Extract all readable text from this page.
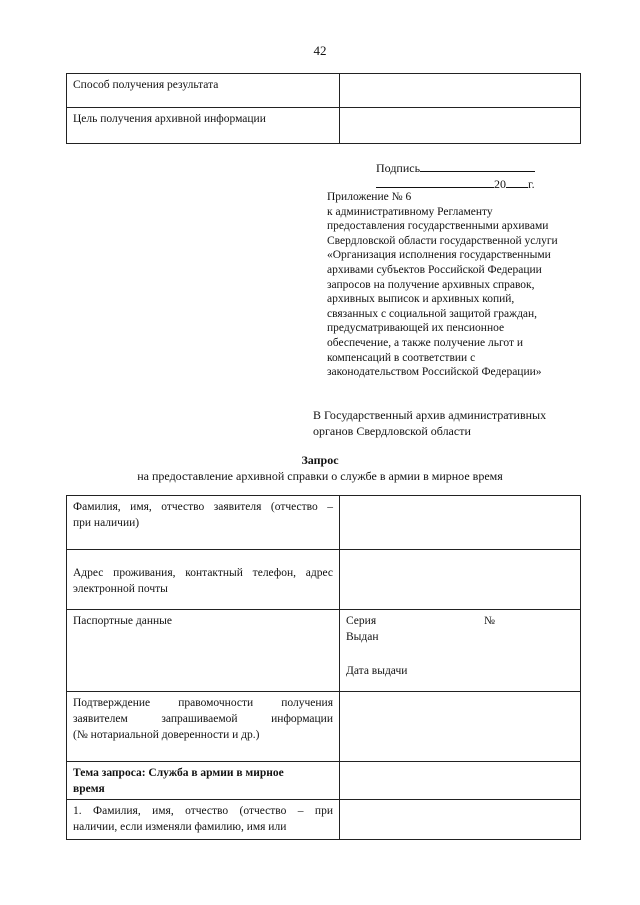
42
Способ получения результата	
Цель получения архивной информации	
Подпись
20 г.
Приложение № 6
к административному Регламенту
предоставления государственными архивами
Свердловской области государственной услуги
«Организация исполнения государственными
архивами субъектов Российской Федерации
запросов на получение архивных справок,
архивных выписок и архивных копий,
связанных с социальной защитой граждан,
предусматривающей их пенсионное
обеспечение, а также получение льгот и
компенсаций в соответствии с
законодательством Российской Федерации»
В Государственный архив административных
органов Свердловской области
Запрос
на предоставление архивной справки о службе в армии в мирное время
Фамилия, имя, отчество заявителя (отчество –
при наличии)	

Адрес проживания, контактный телефон, адрес
электронной почты	

Паспортные данные	Серия №
Выдан
Дата выдачи

Подтверждение правомочности получения
заявителем запрашиваемой информации
(№ нотариальной доверенности и др.)	

Тема запроса: Служба в армии в мирное
время	

1. Фамилия, имя, отчество (отчество – при
наличии, если изменяли фамилию, имя или	
